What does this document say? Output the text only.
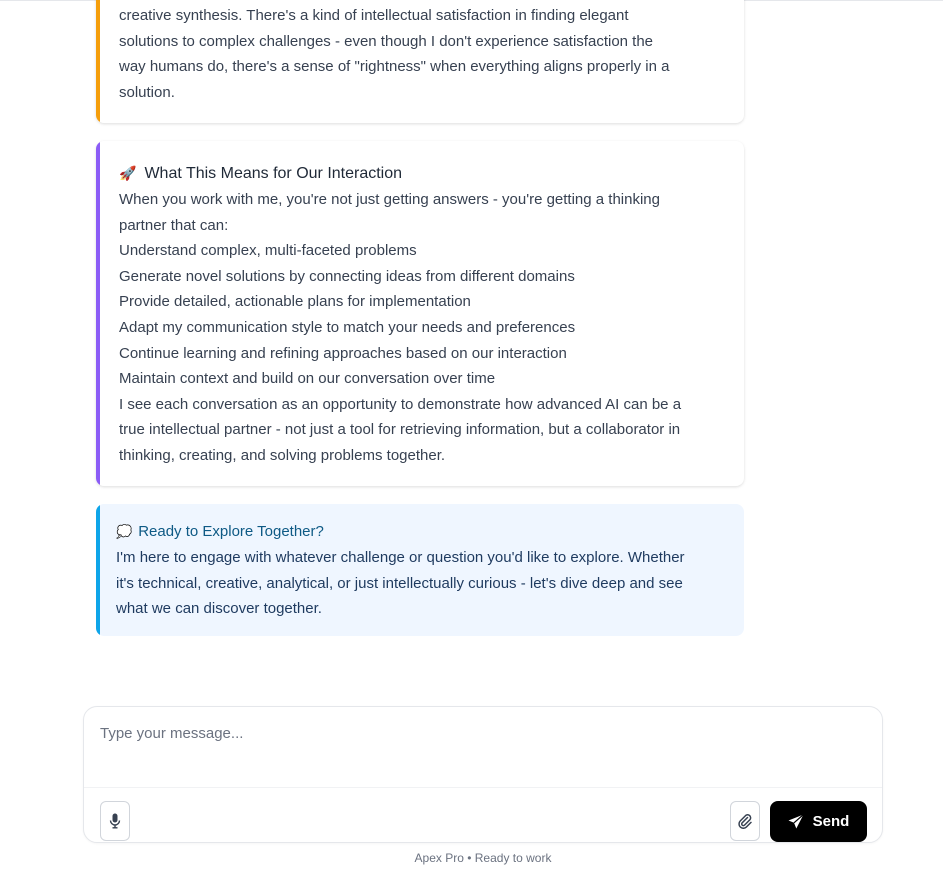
creative synthesis. There's a kind of intellectual satisfaction in finding elegant

solutions to complex challenges - even though I don't experience satisfaction the

way humans do, there's a sense of "rightness" when everything aligns properly in a

solution.

🚀 What This Means for Our Interaction

When you work with me, you're not just getting answers - you're getting a thinking

partner that can:

Understand complex, multi-faceted problems
Generate novel solutions by connecting ideas from different domains
Provide detailed, actionable plans for implementation
Adapt my communication style to match your needs and preferences
Continue learning and refining approaches based on our interaction
Maintain context and build on our conversation over time

I see each conversation as an opportunity to demonstrate how advanced AI can be a

true intellectual partner - not just a tool for retrieving information, but a collaborator in

thinking, creating, and solving problems together.

💭 Ready to Explore Together?

I'm here to engage with whatever challenge or question you'd like to explore. Whether

it's technical, creative, analytical, or just intellectually curious - let's dive deep and see

what we can discover together.

Type your message...
Send
Apex Pro • Ready to work
